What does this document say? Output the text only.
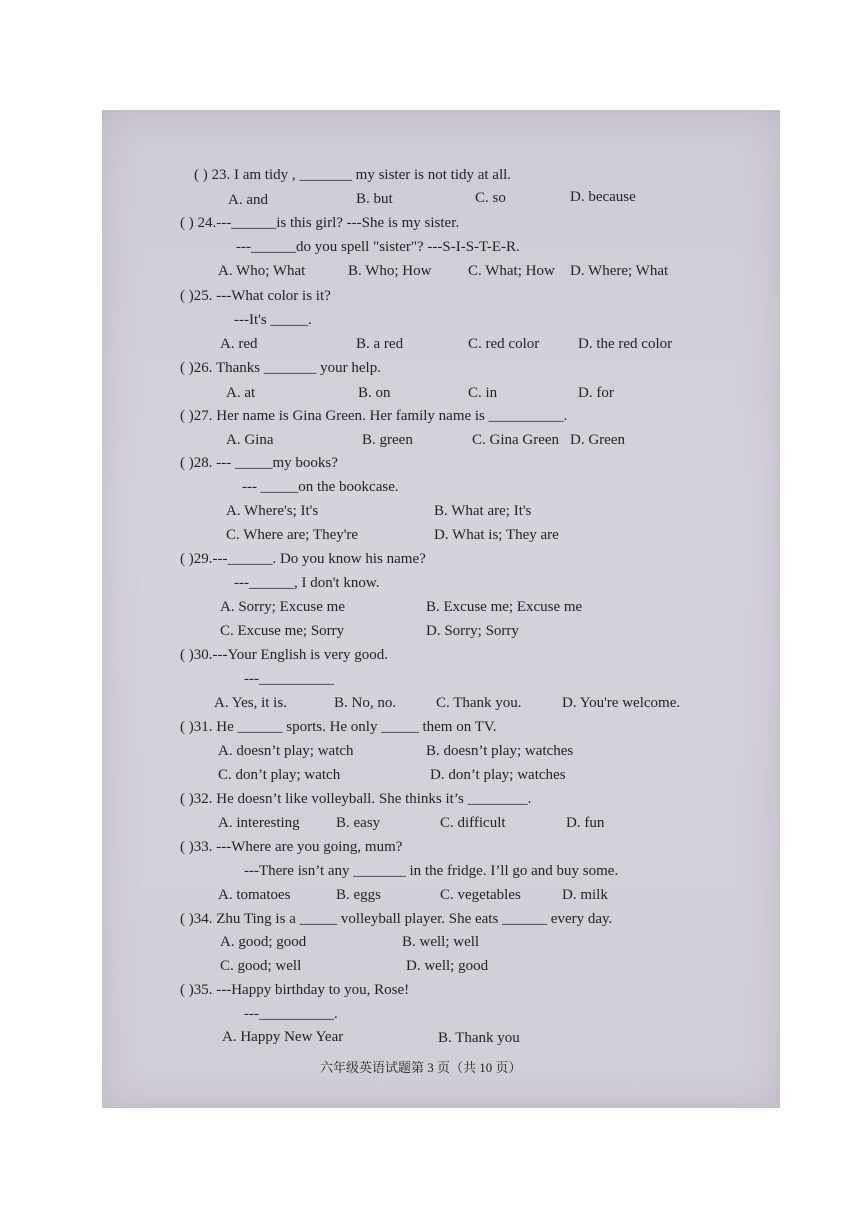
( ) 23. I am tidy , _______ my sister is not tidy at all.
A. and	B. but	C. so	D. because
( ) 24.---______is this girl? ---She is my sister.
---______do you spell "sister"? ---S-I-S-T-E-R.
A. Who; What	B. Who; How C. What; How D. Where; What
( )25. ---What color is it?
---It's _____.
A. red	B. a red	C. red color	D. the red color
( )26. Thanks _______ your help.
A. at	B. on	C. in	D. for
( )27. Her name is Gina Green. Her family name is __________.
A. Gina	B. green	C. Gina Green D. Green
( )28. --- _____my books?
--- _____on the bookcase.
A. Where's; It's	B. What are; It's
C. Where are; They're	D. What is; They are
( )29.---______. Do you know his name?
---______, I don't know.
A. Sorry; Excuse me	B. Excuse me; Excuse me
C. Excuse me; Sorry	D. Sorry; Sorry
( )30.---Your English is very good.
---__________
A. Yes, it is.	B. No, no.	C. Thank you.	D. You're welcome.
( )31. He ______ sports. He only _____ them on TV.
A. doesn’t play; watch	B. doesn’t play; watches
C. don’t play; watch	D. don’t play; watches
( )32. He doesn’t like volleyball. She thinks it’s ________.
A. interesting B. easy	C. difficult	D. fun
( )33. ---Where are you going, mum?
---There isn’t any _______ in the fridge. I’ll go and buy some.
A. tomatoes	B. eggs	C. vegetables	D. milk
( )34. Zhu Ting is a _____ volleyball player. She eats ______ every day.
A. good; good	B. well; well
C. good; well	D. well; good
( )35. ---Happy birthday to you, Rose!
---__________.
A. Happy New Year	B. Thank you
六年级英语试题第 3 页（共 10 页）
